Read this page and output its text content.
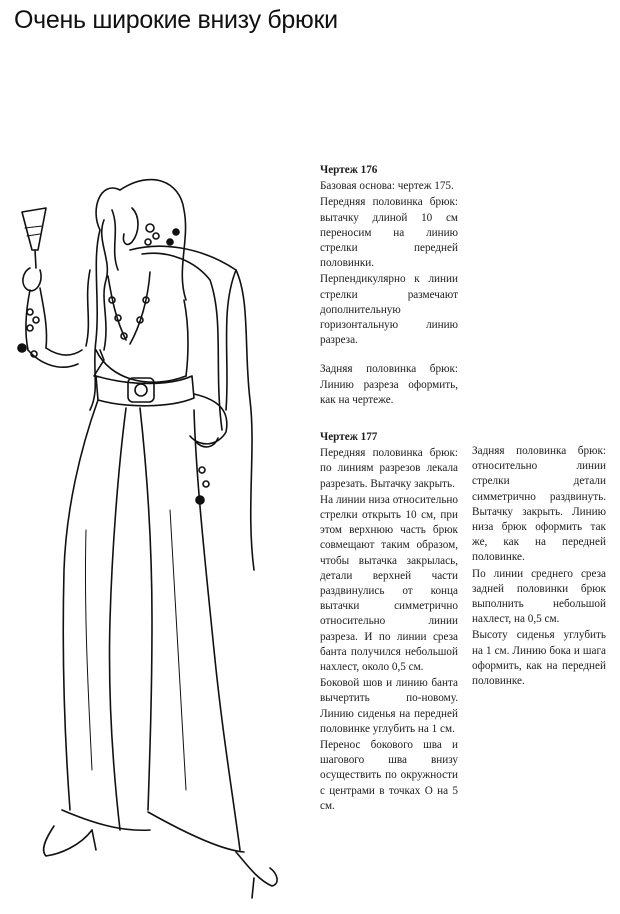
Очень широкие внизу брюки

Чертеж 176

Базовая основа: чертеж 175.

Передняя половинка брюк: вытачку длиной 10 см переносим на линию стрелки передней половинки.

Перпендикулярно к линии стрелки размечают дополнительную горизонтальную линию разреза.

Задняя половинка брюк: Линию разреза оформить, как на чертеже.

Чертеж 177

Передняя половинка брюк: по линиям разрезов лекала разрезать. Вытачку закрыть.

На линии низа относительно стрелки открыть 10 см, при этом верхнюю часть брюк совмещают таким образом, чтобы вытачка закрылась, детали верхней части раздвинулись от конца вытачки симметрично относительно линии разреза. И по линии среза банта получился небольшой нахлест, около 0,5 см.

Боковой шов и линию банта вычертить по-новому. Линию сиденья на передней половинке углубить на 1 см.

Перенос бокового шва и шагового шва внизу осуществить по окружности с центрами в точках О на 5 см.

Задняя половинка брюк: относительно линии стрелки детали симметрично раздвинуть. Вытачку закрыть. Линию низа брюк оформить так же, как на передней половинке.

По линии среднего среза задней половинки брюк выполнить небольшой нахлест, на 0,5 см.

Высоту сиденья углубить на 1 см. Линию бока и шага оформить, как на передней половинке.
